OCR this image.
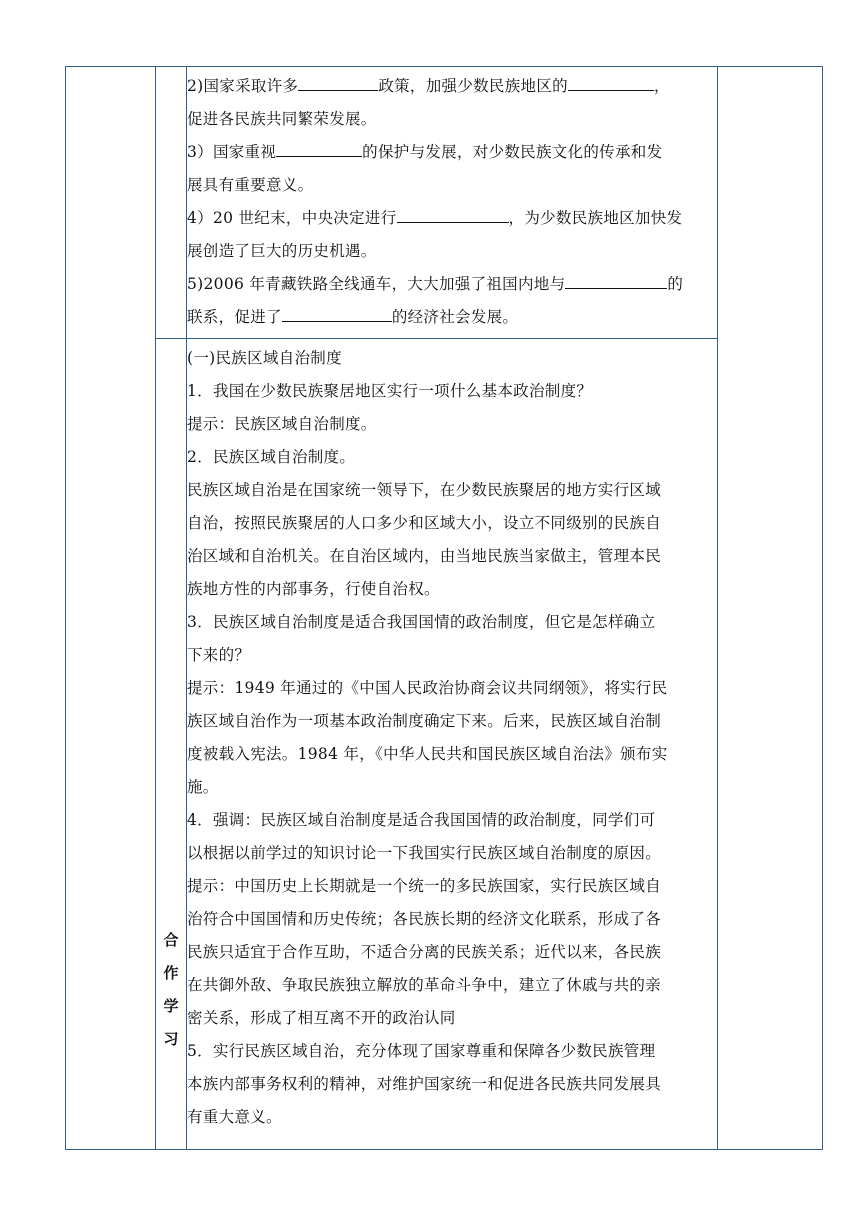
2)国家采取许多	政策，加强少数民族地区的	，
促进各民族共同繁荣发展。

3）国家重视	的保护与发展，对少数民族文化的传承和发
展具有重要意义。

4）20 世纪末，中央决定进行	，为少数民族地区加快发
展创造了巨大的历史机遇。

5)2006 年青藏铁路全线通车，大大加强了祖国内地与	的
联系，促进了	的经济社会发展。

合
作
学
习

(一)民族区域自治制度

1．我国在少数民族聚居地区实行一项什么基本政治制度？

提示：民族区域自治制度。

2．民族区域自治制度。

民族区域自治是在国家统一领导下，在少数民族聚居的地方实行区域

自治，按照民族聚居的人口多少和区域大小，设立不同级别的民族自

治区域和自治机关。在自治区域内，由当地民族当家做主，管理本民

族地方性的内部事务，行使自治权。

3．民族区域自治制度是适合我国国情的政治制度，但它是怎样确立

下来的？

提示：1949 年通过的《中国人民政治协商会议共同纲领》，将实行民

族区域自治作为一项基本政治制度确定下来。后来，民族区域自治制

度被载入宪法。1984 年，《中华人民共和国民族区域自治法》颁布实

施。

4．强调：民族区域自治制度是适合我国国情的政治制度，同学们可

以根据以前学过的知识讨论一下我国实行民族区域自治制度的原因。

提示：中国历史上长期就是一个统一的多民族国家，实行民族区域自

治符合中国国情和历史传统；各民族长期的经济文化联系，形成了各

民族只适宜于合作互助，不适合分离的民族关系；近代以来，各民族

在共御外敌、争取民族独立解放的革命斗争中，建立了休戚与共的亲

密关系，形成了相互离不开的政治认同

5．实行民族区域自治，充分体现了国家尊重和保障各少数民族管理

本族内部事务权利的精神，对维护国家统一和促进各民族共同发展具

有重大意义。
